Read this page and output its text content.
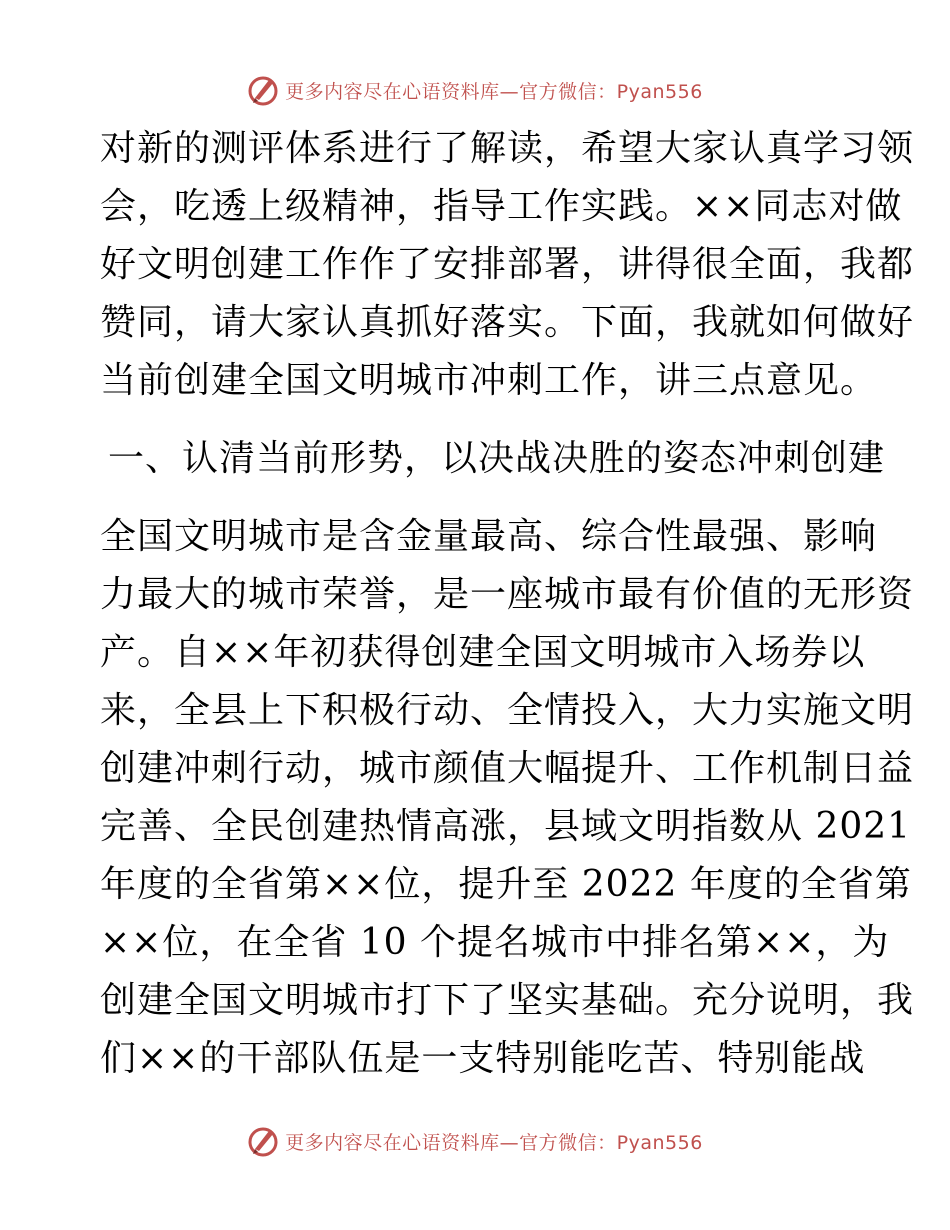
更多内容尽在心语资料库—官方微信：Pyan556
对新的测评体系进行了解读，希望大家认真学习领
会，吃透上级精神，指导工作实践。××同志对做
好文明创建工作作了安排部署，讲得很全面，我都
赞同，请大家认真抓好落实。下面，我就如何做好
当前创建全国文明城市冲刺工作，讲三点意见。
一、认清当前形势，以决战决胜的姿态冲刺创建
全国文明城市是含金量最高、综合性最强、影响
力最大的城市荣誉，是一座城市最有价值的无形资
产。自××年初获得创建全国文明城市入场券以
来，全县上下积极行动、全情投入，大力实施文明
创建冲刺行动，城市颜值大幅提升、工作机制日益
完善、全民创建热情高涨，县域文明指数从 2021
年度的全省第××位，提升至 2022 年度的全省第
××位，在全省 10 个提名城市中排名第××，为
创建全国文明城市打下了坚实基础。充分说明，我
们××的干部队伍是一支特别能吃苦、特别能战
更多内容尽在心语资料库—官方微信：Pyan556
